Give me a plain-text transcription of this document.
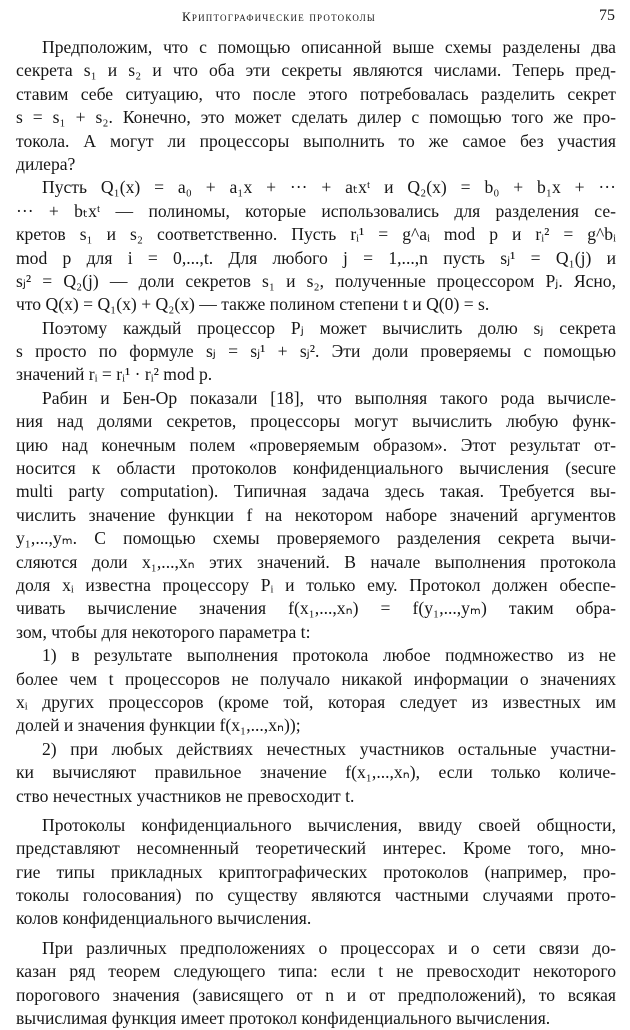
Криптографические протоколы	75
Предположим, что с помощью описанной выше схемы разделены два
секрета s₁ и s₂ и что оба эти секреты являются числами. Теперь пред-
ставим себе ситуацию, что после этого потребовалась разделить секрет
s = s₁ + s₂. Конечно, это может сделать дилер с помощью того же про-
токола. А могут ли процессоры выполнить то же самое без участия
дилера?
Пусть Q₁(x) = a₀ + a₁x + ··· + aₜxᵗ и Q₂(x) = b₀ + b₁x + ···
··· + bₜxᵗ — полиномы, которые использовались для разделения се-
кретов s₁ и s₂ соответственно. Пусть rᵢ¹ = g^aᵢ mod p и rᵢ² = g^bᵢ
mod p для i = 0,...,t. Для любого j = 1,...,n пусть sⱼ¹ = Q₁(j) и
sⱼ² = Q₂(j) — доли секретов s₁ и s₂, полученные процессором Pⱼ. Ясно,
что Q(x) = Q₁(x) + Q₂(x) — также полином степени t и Q(0) = s.
Поэтому каждый процессор Pⱼ может вычислить долю sⱼ секрета
s просто по формуле sⱼ = sⱼ¹ + sⱼ². Эти доли проверяемы с помощью
значений rᵢ = rᵢ¹ · rᵢ² mod p.
Рабин и Бен-Ор показали [18], что выполняя такого рода вычисле-
ния над долями секретов, процессоры могут вычислить любую функ-
цию над конечным полем «проверяемым образом». Этот результат от-
носится к области протоколов конфиденциального вычисления (secure
multi party computation). Типичная задача здесь такая. Требуется вы-
числить значение функции f на некотором наборе значений аргументов
y₁,...,yₘ. С помощью схемы проверяемого разделения секрета вычи-
сляются доли x₁,...,xₙ этих значений. В начале выполнения протокола
доля xᵢ известна процессору Pᵢ и только ему. Протокол должен обеспе-
чивать вычисление значения f(x₁,...,xₙ) = f(y₁,...,yₘ) таким обра-
зом, чтобы для некоторого параметра t:
1) в результате выполнения протокола любое подмножество из не
более чем t процессоров не получало никакой информации о значениях
xᵢ других процессоров (кроме той, которая следует из известных им
долей и значения функции f(x₁,...,xₙ));
2) при любых действиях нечестных участников остальные участни-
ки вычисляют правильное значение f(x₁,...,xₙ), если только количе-
ство нечестных участников не превосходит t.
Протоколы конфиденциального вычисления, ввиду своей общности,
представляют несомненный теоретический интерес. Кроме того, мно-
гие типы прикладных криптографических протоколов (например, про-
токолы голосования) по существу являются частными случаями прото-
колов конфиденциального вычисления.
При различных предположениях о процессорах и о сети связи до-
казан ряд теорем следующего типа: если t не превосходит некоторого
порогового значения (зависящего от n и от предположений), то всякая
вычислимая функция имеет протокол конфиденциального вычисления.
